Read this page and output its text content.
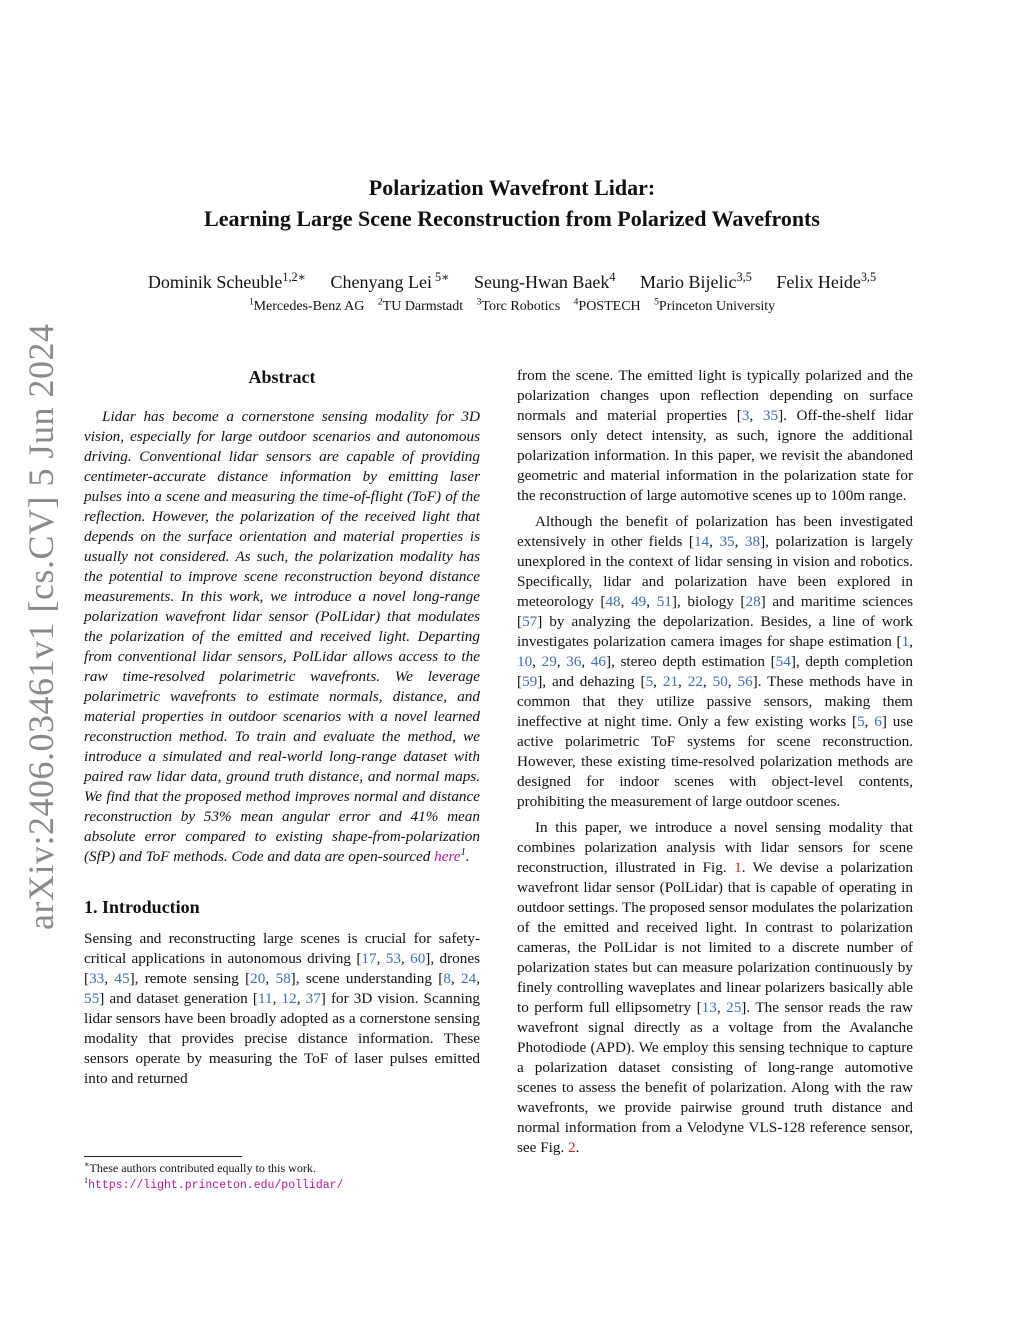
arXiv:2406.03461v1 [cs.CV] 5 Jun 2024
Polarization Wavefront Lidar:
Learning Large Scene Reconstruction from Polarized Wavefronts
Dominik Scheuble$^{1,2∗}$ Chenyang Lei $^{5∗}$ Seung-Hwan Baek$^4$ Mario Bijelic$^{3,5}$ Felix Heide$^{3,5}$
$^1$Mercedes-Benz AG $^2$TU Darmstadt $^3$Torc Robotics $^4$POSTECH $^5$Princeton University
Abstract

Lidar has become a cornerstone sensing modality for 3D vision, especially for large outdoor scenarios and autonomous driving. Conventional lidar sensors are capable of providing centimeter-accurate distance information by emitting laser pulses into a scene and measuring the time-of-flight (ToF) of the reflection. However, the polarization of the received light that depends on the surface orientation and material properties is usually not considered. As such, the polarization modality has the potential to improve scene reconstruction beyond distance measurements. In this work, we introduce a novel long-range polarization wavefront lidar sensor (PolLidar) that modulates the polarization of the emitted and received light. Departing from conventional lidar sensors, PolLidar allows access to the raw time-resolved polarimetric wavefronts. We leverage polarimetric wavefronts to estimate normals, distance, and material properties in outdoor scenarios with a novel learned reconstruction method. To train and evaluate the method, we introduce a simulated and real-world long-range dataset with paired raw lidar data, ground truth distance, and normal maps. We find that the proposed method improves normal and distance reconstruction by 53% mean angular error and 41% mean absolute error compared to existing shape-from-polarization (SfP) and ToF methods. Code and data are open-sourced here$^1$.

1. Introduction

Sensing and reconstructing large scenes is crucial for safety-critical applications in autonomous driving [17, 53, 60], drones [33, 45], remote sensing [20, 58], scene understanding [8, 24, 55] and dataset generation [11, 12, 37] for 3D vision. Scanning lidar sensors have been broadly adopted as a cornerstone sensing modality that provides precise distance information. These sensors operate by measuring the ToF of laser pulses emitted into and returned

from the scene. The emitted light is typically polarized and the polarization changes upon reflection depending on surface normals and material properties [3, 35]. Off-the-shelf lidar sensors only detect intensity, as such, ignore the additional polarization information. In this paper, we revisit the abandoned geometric and material information in the polarization state for the reconstruction of large automotive scenes up to 100m range.

Although the benefit of polarization has been investigated extensively in other fields [14, 35, 38], polarization is largely unexplored in the context of lidar sensing in vision and robotics. Specifically, lidar and polarization have been explored in meteorology [48, 49, 51], biology [28] and maritime sciences [57] by analyzing the depolarization. Besides, a line of work investigates polarization camera images for shape estimation [1, 10, 29, 36, 46], stereo depth estimation [54], depth completion [59], and dehazing [5, 21, 22, 50, 56]. These methods have in common that they utilize passive sensors, making them ineffective at night time. Only a few existing works [5, 6] use active polarimetric ToF systems for scene reconstruction. However, these existing time-resolved polarization methods are designed for indoor scenes with object-level contents, prohibiting the measurement of large outdoor scenes.

In this paper, we introduce a novel sensing modality that combines polarization analysis with lidar sensors for scene reconstruction, illustrated in Fig. 1. We devise a polarization wavefront lidar sensor (PolLidar) that is capable of operating in outdoor settings. The proposed sensor modulates the polarization of the emitted and received light. In contrast to polarization cameras, the PolLidar is not limited to a discrete number of polarization states but can measure polarization continuously by finely controlling waveplates and linear polarizers basically able to perform full ellipsometry [13, 25]. The sensor reads the raw wavefront signal directly as a voltage from the Avalanche Photodiode (APD). We employ this sensing technique to capture a polarization dataset consisting of long-range automotive scenes to assess the benefit of polarization. Along with the raw wavefronts, we provide pairwise ground truth distance and normal information from a Velodyne VLS-128 reference sensor, see Fig. 2.

∗These authors contributed equally to this work.
$^1$https://light.princeton.edu/pollidar/
